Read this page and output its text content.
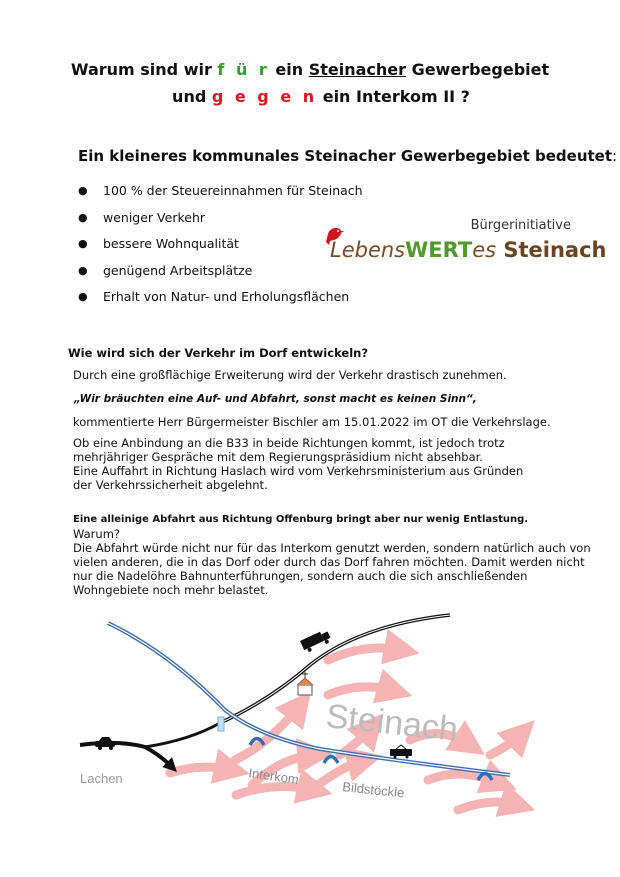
Warum sind wir f ü r ein Steinacher Gewerbegebiet
und g e g e n ein Interkom II ?
Ein kleineres kommunales Steinacher Gewerbegebiet bedeutet:
●	100 % der Steuereinnahmen für Steinach
●	weniger Verkehr
●	bessere Wohnqualität
●	genügend Arbeitsplätze
●	Erhalt von Natur- und Erholungsflächen
Bürgerinitiative
LebensWERTes Steinach
Wie wird sich der Verkehr im Dorf entwickeln?
Durch eine großflächige Erweiterung wird der Verkehr drastisch zunehmen.
„Wir bräuchten eine Auf- und Abfahrt, sonst macht es keinen Sinn“,
kommentierte Herr Bürgermeister Bischler am 15.01.2022 im OT die Verkehrslage.
Ob eine Anbindung an die B33 in beide Richtungen kommt, ist jedoch trotz
mehrjähriger Gespräche mit dem Regierungspräsidium nicht absehbar.
Eine Auffahrt in Richtung Haslach wird vom Verkehrsministerium aus Gründen
der Verkehrssicherheit abgelehnt.
Eine alleinige Abfahrt aus Richtung Offenburg bringt aber nur wenig Entlastung.
Warum?
Die Abfahrt würde nicht nur für das Interkom genutzt werden, sondern natürlich auch von
vielen anderen, die in das Dorf oder durch das Dorf fahren möchten. Damit werden nicht
nur die Nadelöhre Bahnunterführungen, sondern auch die sich anschließenden
Wohngebiete noch mehr belastet.
Steinach
Lachen	Interkom
Bildstöckle
